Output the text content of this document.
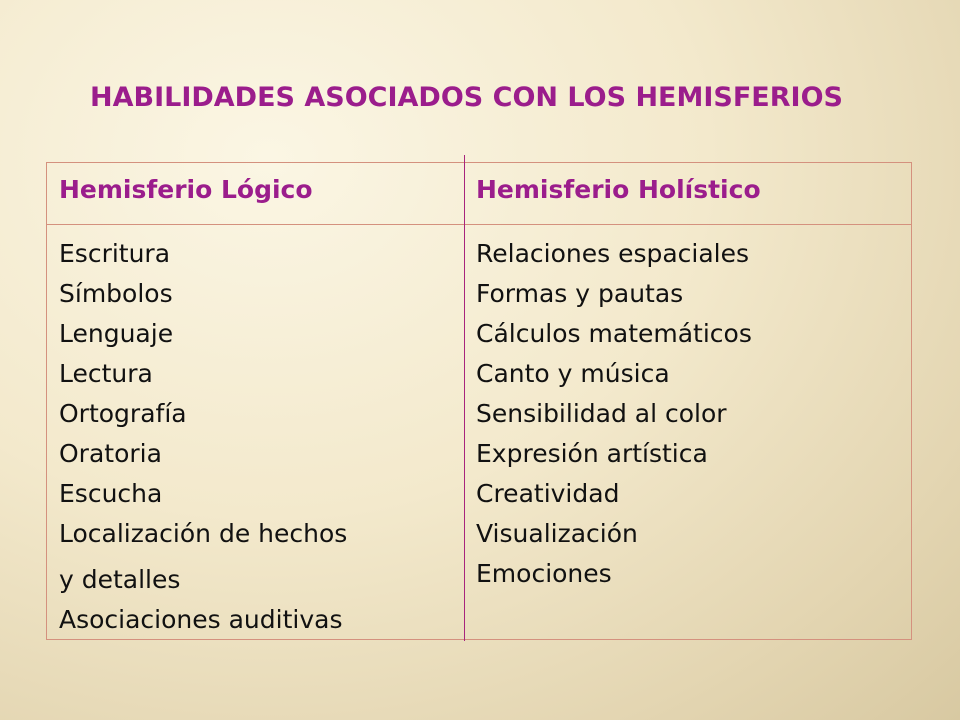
HABILIDADES ASOCIADOS CON LOS HEMISFERIOS
Hemisferio Lógico	Hemisferio Holístico
Escritura
Símbolos
Lenguaje
Lectura
Ortografía
Oratoria
Escucha
Localización de hechos
y detalles
Asociaciones auditivas
Relaciones espaciales
Formas y pautas
Cálculos matemáticos
Canto y música
Sensibilidad al color
Expresión artística
Creatividad
Visualización
Emociones
